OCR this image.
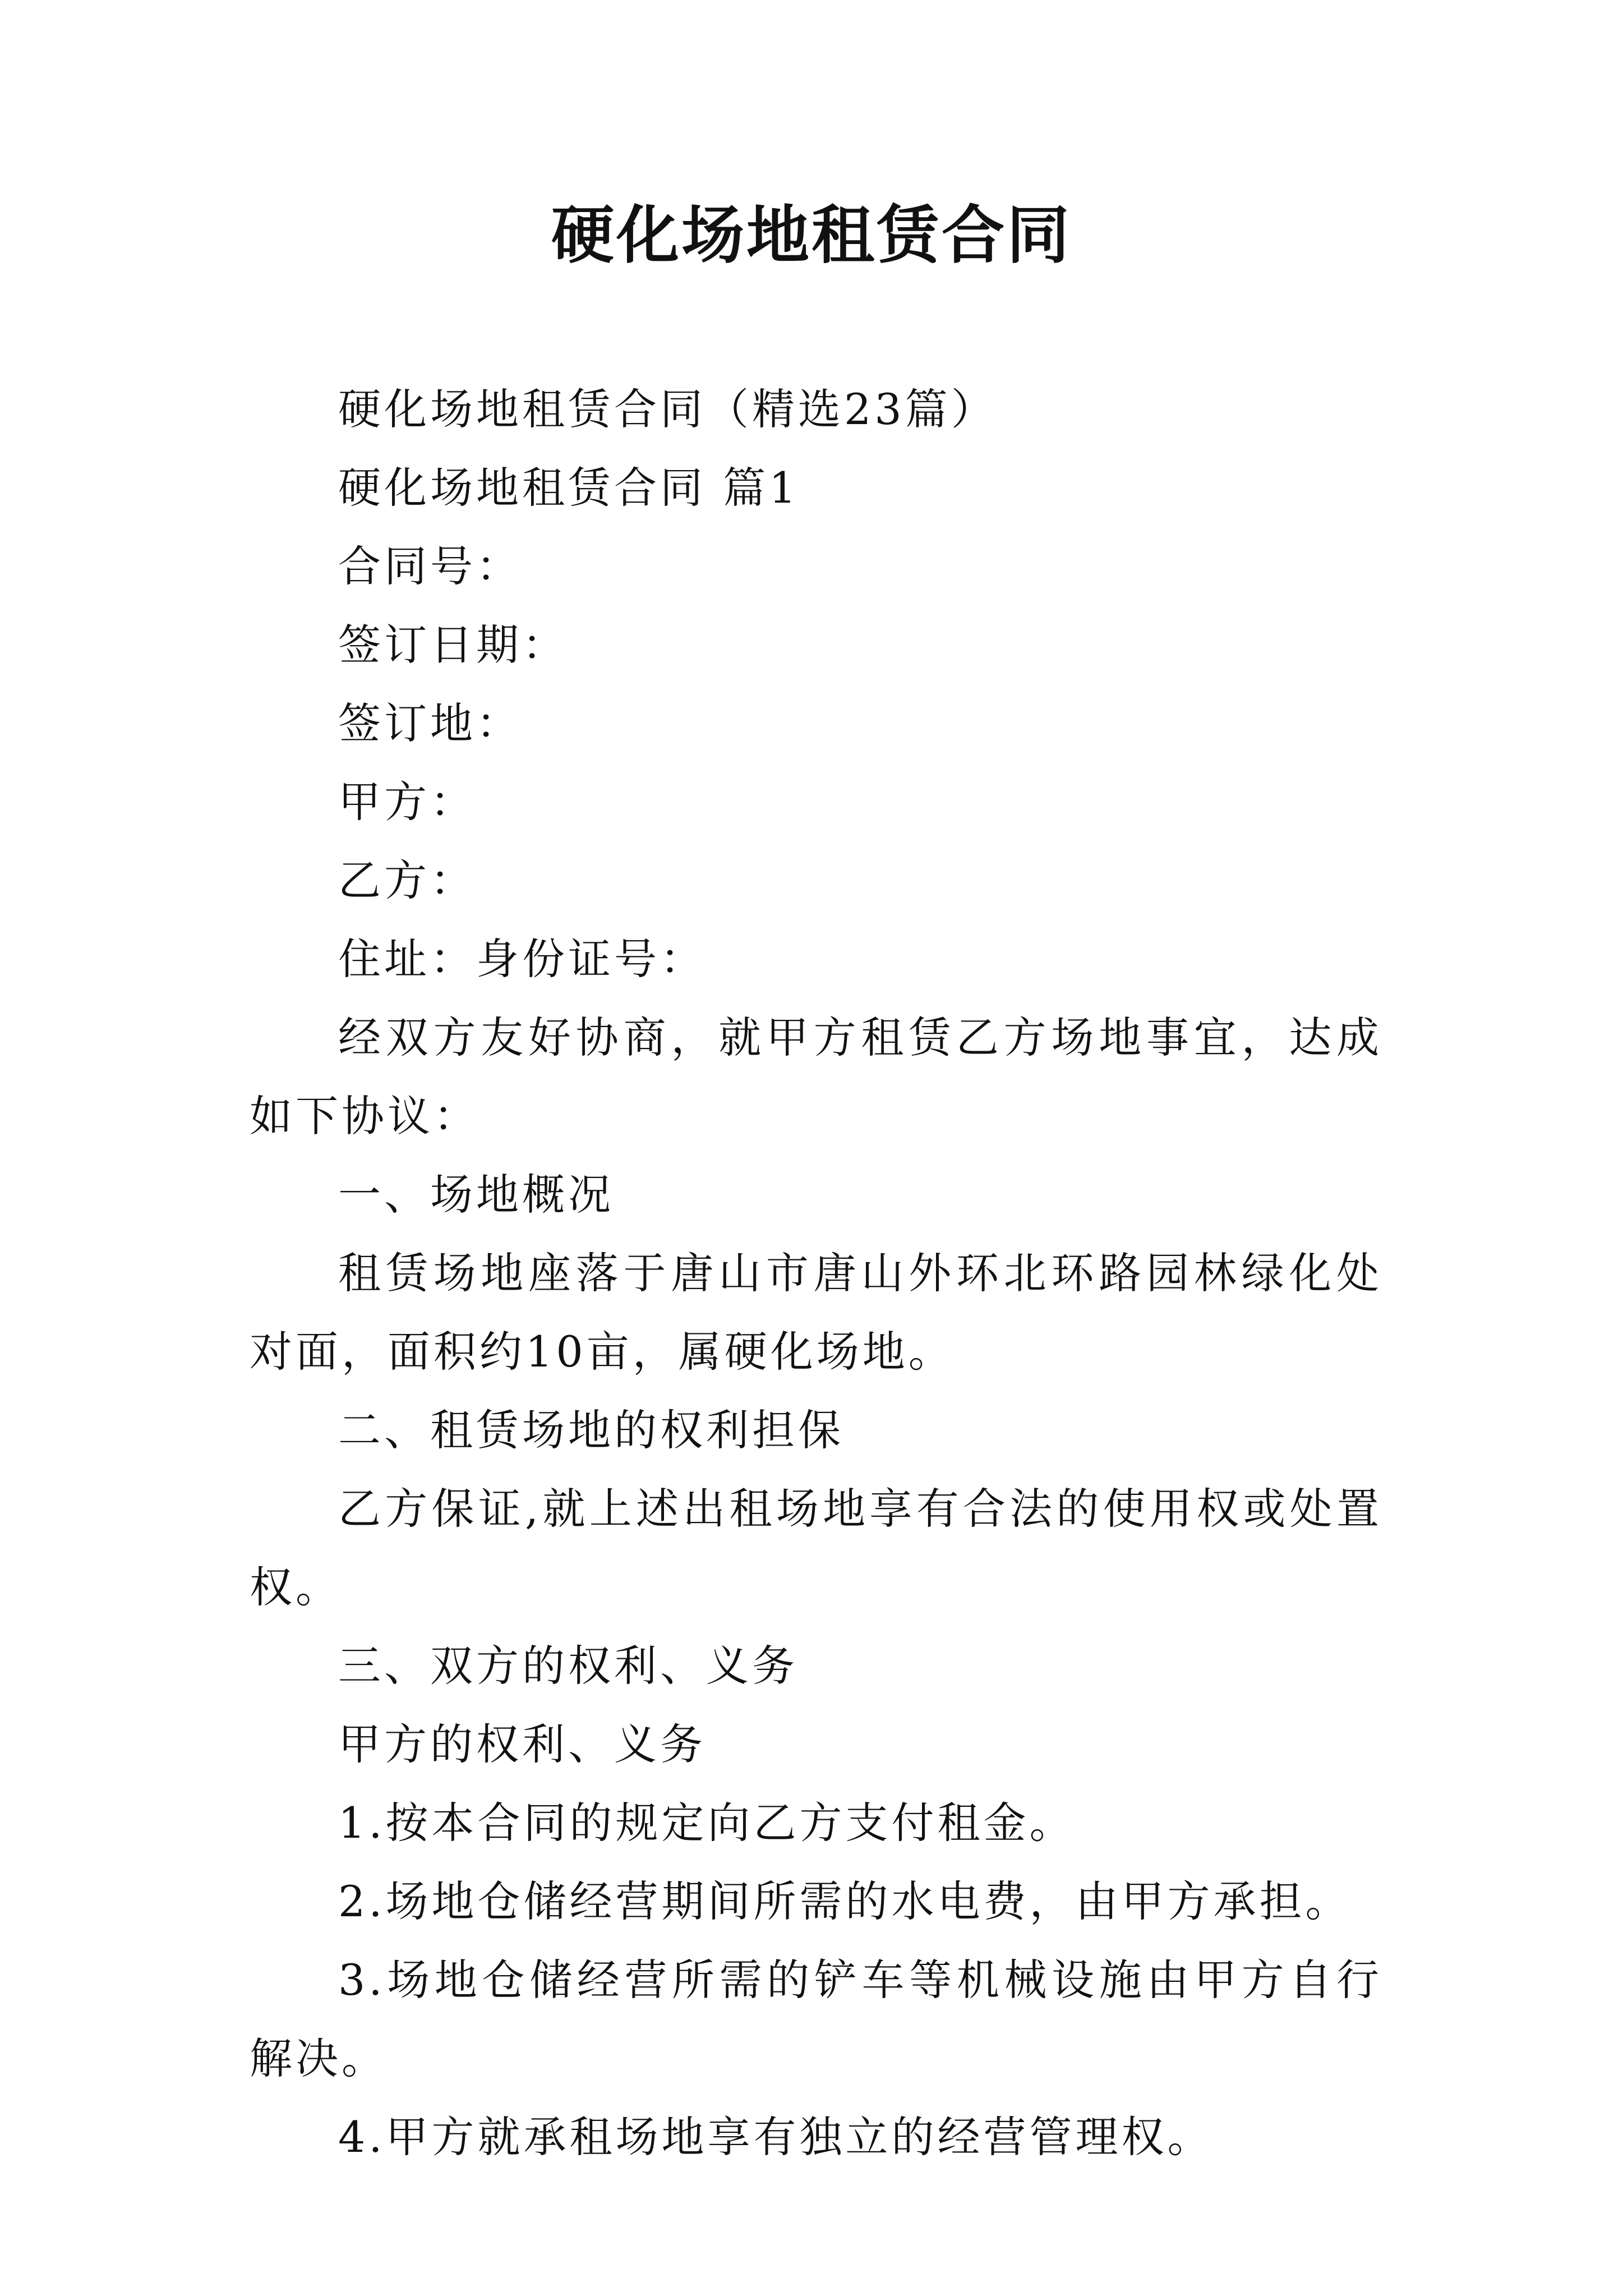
硬化场地租赁合同

硬化场地租赁合同（精选23篇）

硬化场地租赁合同 篇1

合同号：

签订日期：

签订地：

甲方：

乙方：

住址：身份证号：

经双方友好协商，就甲方租赁乙方场地事宜，达成如下协议：

一、场地概况

租赁场地座落于唐山市唐山外环北环路园林绿化处对面，面积约10亩，属硬化场地。

二、租赁场地的权利担保

乙方保证,就上述出租场地享有合法的使用权或处置权。

三、双方的权利、义务

甲方的权利、义务

1.按本合同的规定向乙方支付租金。

2.场地仓储经营期间所需的水电费，由甲方承担。

3.场地仓储经营所需的铲车等机械设施由甲方自行解决。

4.甲方就承租场地享有独立的经营管理权。
